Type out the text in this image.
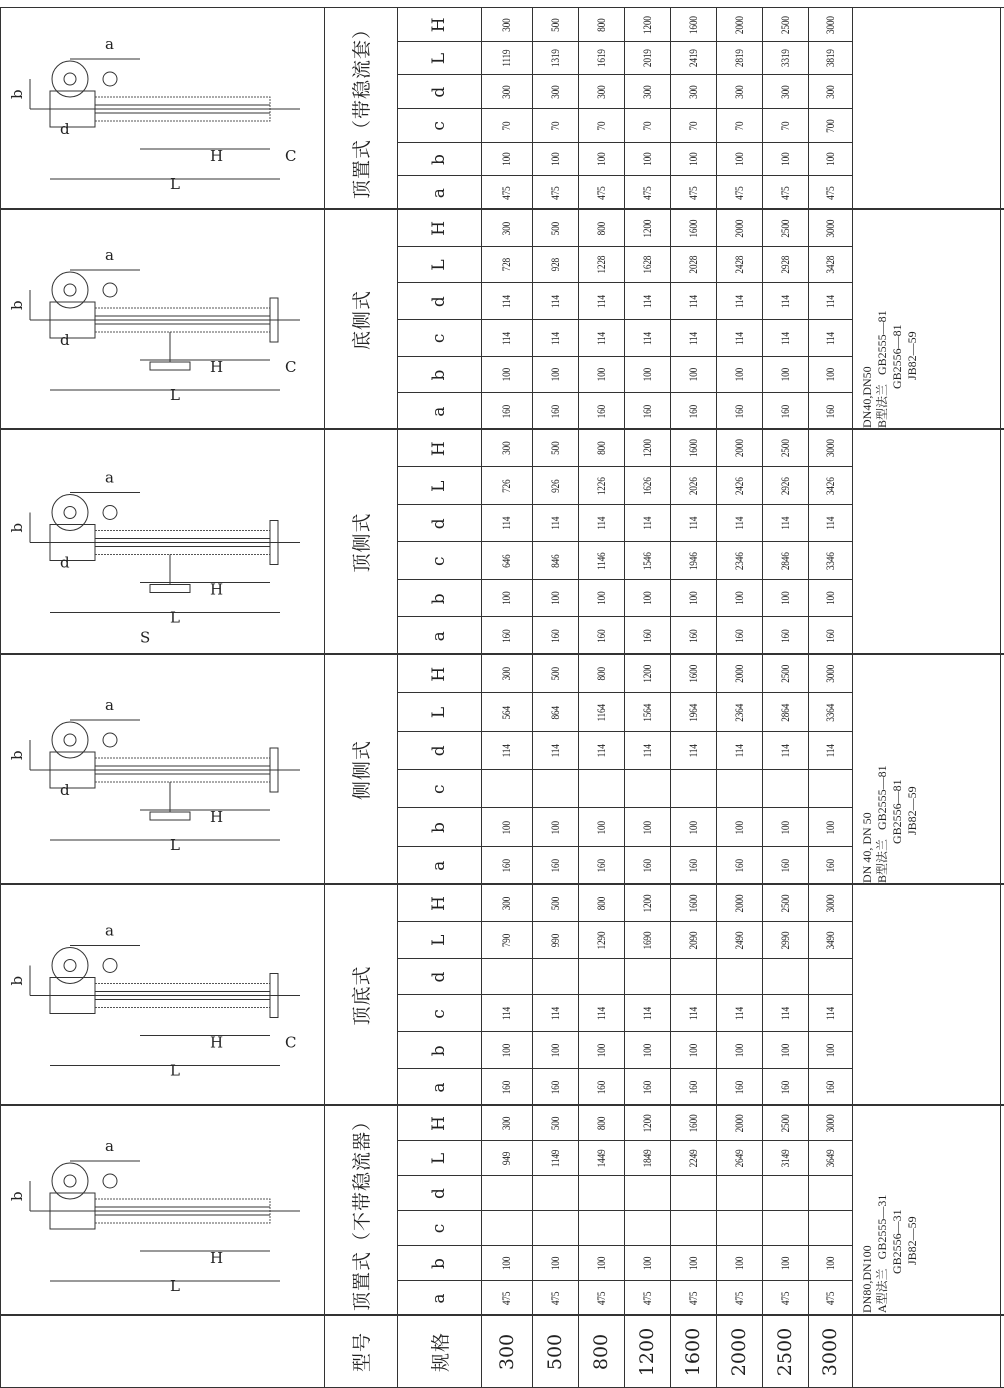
型号	规格	300	500	800	1200	1600	2000	2500	3000
顶置式（不带稳流器）	a	475	475	475	475	475	475	475	475
b	100	100	100	100	100	100	100	100
c
d
L	949	1149	1449	1849	2249	2649	3149	3649
H	300	500	800	1200	1600	2000	2500	3000
L
H
a
b
顶底式
a	160	160	160	160	160	160	160	160
b	100	100	100	100	100	100	100	100
c	114	114	114	114	114	114	114	114
d
L	790	990	1290	1690	2090	2490	2990	3490
H	300	500	800	1200	1600	2000	2500	3000
L
H
a
b
C
侧侧式
a	160	160	160	160	160	160	160	160
b	100	100	100	100	100	100	100	100
c
d	114	114	114	114	114	114	114	114
L	564	864	1164	1564	1964	2364	2864	3364
H	300	500	800	1200	1600	2000	2500	3000
L
H
a
b
d
顶侧式
a	160	160	160	160	160	160	160	160
b	100	100	100	100	100	100	100	100
c	646	846	1146	1546	1946	2346	2846	3346
d	114	114	114	114	114	114	114	114
L	726	926	1226	1626	2026	2426	2926	3426
H	300	500	800	1200	1600	2000	2500	3000
L
H
a
b
d
S
底侧式
a	160	160	160	160	160	160	160	160
b	100	100	100	100	100	100	100	100
c	114	114	114	114	114	114	114	114
d	114	114	114	114	114	114	114	114
L	728	928	1228	1628	2028	2428	2928	3428
H	300	500	800	1200	1600	2000	2500	3000
L
H
a
b
C
d
顶置式（带稳流套）	a	475	475	475	475	475	475	475	475
b	100	100	100	100	100	100	100	100
c	70	70	70	70	70	70	70	700
d	300	300	300	300	300	300	300	300
L	1119	1319	1619	2019	2419	2819	3319	3819
H	300	500	800	1200	1600	2000	2500	3000
L
H
a
b
C
d
DN80,DN100 A型法兰   GB2555—31 GB2556—31 JB82—59
DN 40, DN 50 B型法兰   GB2555—81 GB2556—81 JB82—59
DN40,DN50 B型法兰   GB2555—81 GB2556—81 JB82—59
